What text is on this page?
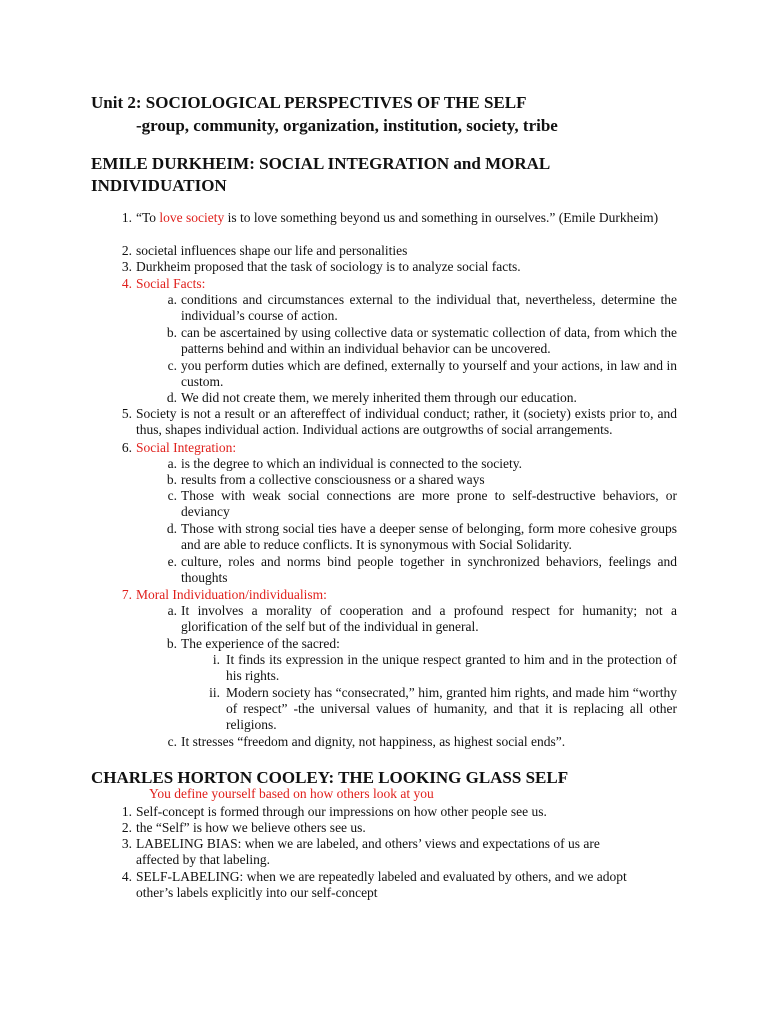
Unit 2: SOCIOLOGICAL PERSPECTIVES OF THE SELF
-group, community, organization, institution, society, tribe
EMILE DURKHEIM: SOCIAL INTEGRATION and MORAL
INDIVIDUATION
1. “To love society is to love something beyond us and something in ourselves.” (Emile Durkheim)
2. societal influences shape our life and personalities
3. Durkheim proposed that the task of sociology is to analyze social facts.
4. Social Facts:
a. conditions and circumstances external to the individual that, nevertheless, determine the individual’s course of action.
b. can be ascertained by using collective data or systematic collection of data, from which the patterns behind and within an individual behavior can be uncovered.
c. you perform duties which are defined, externally to yourself and your actions, in law and in custom.
d. We did not create them, we merely inherited them through our education.
5. Society is not a result or an aftereffect of individual conduct; rather, it (society) exists prior to, and thus, shapes individual action. Individual actions are outgrowths of social arrangements.
6. Social Integration:
a. is the degree to which an individual is connected to the society.
b. results from a collective consciousness or a shared ways
c. Those with weak social connections are more prone to self-destructive behaviors, or deviancy
d. Those with strong social ties have a deeper sense of belonging, form more cohesive groups and are able to reduce conflicts. It is synonymous with Social Solidarity.
e. culture, roles and norms bind people together in synchronized behaviors, feelings and thoughts
7. Moral Individuation/individualism:
a. It involves a morality of cooperation and a profound respect for humanity; not a glorification of the self but of the individual in general.
b. The experience of the sacred:
i. It finds its expression in the unique respect granted to him and in the protection of his rights.
ii. Modern society has “consecrated,” him, granted him rights, and made him “worthy of respect” -the universal values of humanity, and that it is replacing all other religions.
c. It stresses “freedom and dignity, not happiness, as highest social ends”.
CHARLES HORTON COOLEY: THE LOOKING GLASS SELF
You define yourself based on how others look at you
1. Self-concept is formed through our impressions on how other people see us.
2. the “Self” is how we believe others see us.
3. LABELING BIAS: when we are labeled, and others’ views and expectations of us are affected by that labeling.
4. SELF-LABELING: when we are repeatedly labeled and evaluated by others, and we adopt other’s labels explicitly into our self-concept
